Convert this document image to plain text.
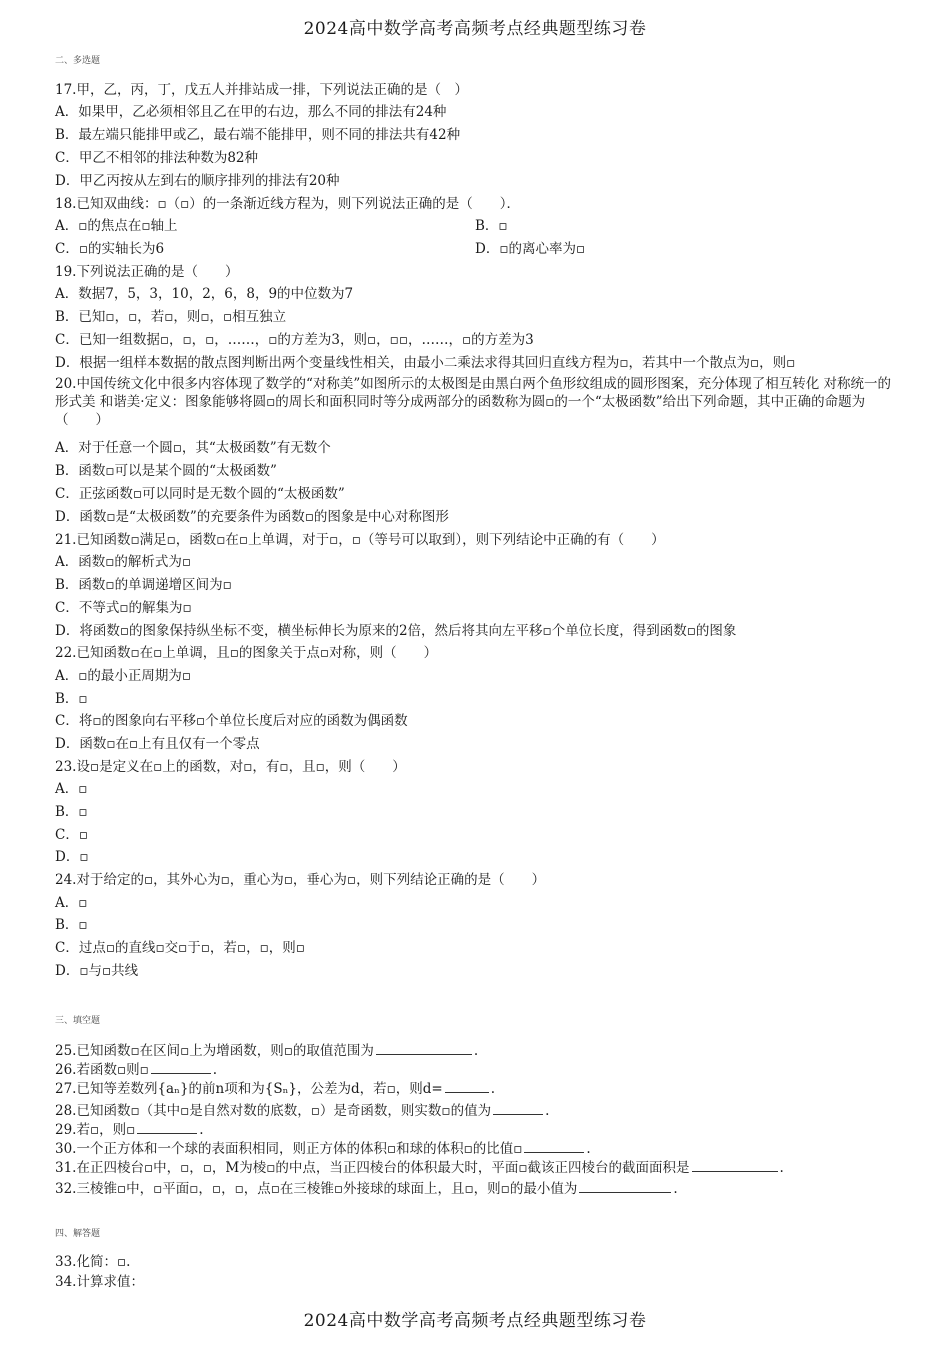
2024高中数学高考高频考点经典题型练习卷
二、多选题
17.甲，乙，丙，丁，戊五人并排站成一排，下列说法正确的是（　）
A．如果甲，乙必须相邻且乙在甲的右边，那么不同的排法有24种
B．最左端只能排甲或乙，最右端不能排甲，则不同的排法共有42种
C．甲乙不相邻的排法种数为82种
D．甲乙丙按从左到右的顺序排列的排法有20种
18.已知双曲线：▫（▫）的一条渐近线方程为，则下列说法正确的是（　　）．
A．▫的焦点在▫轴上	B．▫
C．▫的实轴长为6	D．▫的离心率为▫
19.下列说法正确的是（　　）
A．数据7，5，3，10，2，6，8，9的中位数为7
B．已知▫，▫，若▫，则▫，▫相互独立
C．已知一组数据▫，▫，▫，……，▫的方差为3，则▫，▫▫，……，▫的方差为3
D．根据一组样本数据的散点图判断出两个变量线性相关，由最小二乘法求得其回归直线方程为▫，若其中一个散点为▫，则▫
20.中国传统文化中很多内容体现了数学的“对称美”如图所示的太极图是由黑白两个鱼形纹组成的圆形图案，充分体现了相互转化 对称统一的形式美 和谐美·定义：图象能够将圆▫的周长和面积同时等分成两部分的函数称为圆▫的一个“太极函数”给出下列命题，其中正确的命题为（　　）
A．对于任意一个圆▫，其“太极函数”有无数个
B．函数▫可以是某个圆的“太极函数”
C．正弦函数▫可以同时是无数个圆的“太极函数”
D．函数▫是“太极函数”的充要条件为函数▫的图象是中心对称图形
21.已知函数▫满足▫，函数▫在▫上单调，对于▫，▫（等号可以取到），则下列结论中正确的有（　　）
A．函数▫的解析式为▫
B．函数▫的单调递增区间为▫
C．不等式▫的解集为▫
D．将函数▫的图象保持纵坐标不变，横坐标伸长为原来的2倍，然后将其向左平移▫个单位长度，得到函数▫的图象
22.已知函数▫在▫上单调，且▫的图象关于点▫对称，则（　　）
A．▫的最小正周期为▫
B．▫
C．将▫的图象向右平移▫个单位长度后对应的函数为偶函数
D．函数▫在▫上有且仅有一个零点
23.设▫是定义在▫上的函数，对▫，有▫，且▫，则（　　）
A．▫
B．▫
C．▫
D．▫
24.对于给定的▫，其外心为▫，重心为▫，垂心为▫，则下列结论正确的是（　　）
A．▫
B．▫
C．过点▫的直线▫交▫于▫，若▫，▫，则▫
D．▫与▫共线
三、填空题
25.已知函数▫在区间▫上为增函数，则▫的取值范围为	.
26.若函数▫则▫	.
27.已知等差数列{aₙ}的前n项和为{Sₙ}，公差为d，若▫，则d=	.
28.已知函数▫（其中▫是自然对数的底数，▫）是奇函数，则实数▫的值为	.
29.若▫，则▫	.
30.一个正方体和一个球的表面积相同，则正方体的体积▫和球的体积▫的比值▫	.
31.在正四棱台▫中，▫，▫，M为棱▫的中点，当正四棱台的体积最大时，平面▫截该正四棱台的截面面积是	.
32.三棱锥▫中，▫平面▫，▫，▫，点▫在三棱锥▫外接球的球面上，且▫，则▫的最小值为	.
四、解答题
33.化简：▫.
34.计算求值：
2024高中数学高考高频考点经典题型练习卷
